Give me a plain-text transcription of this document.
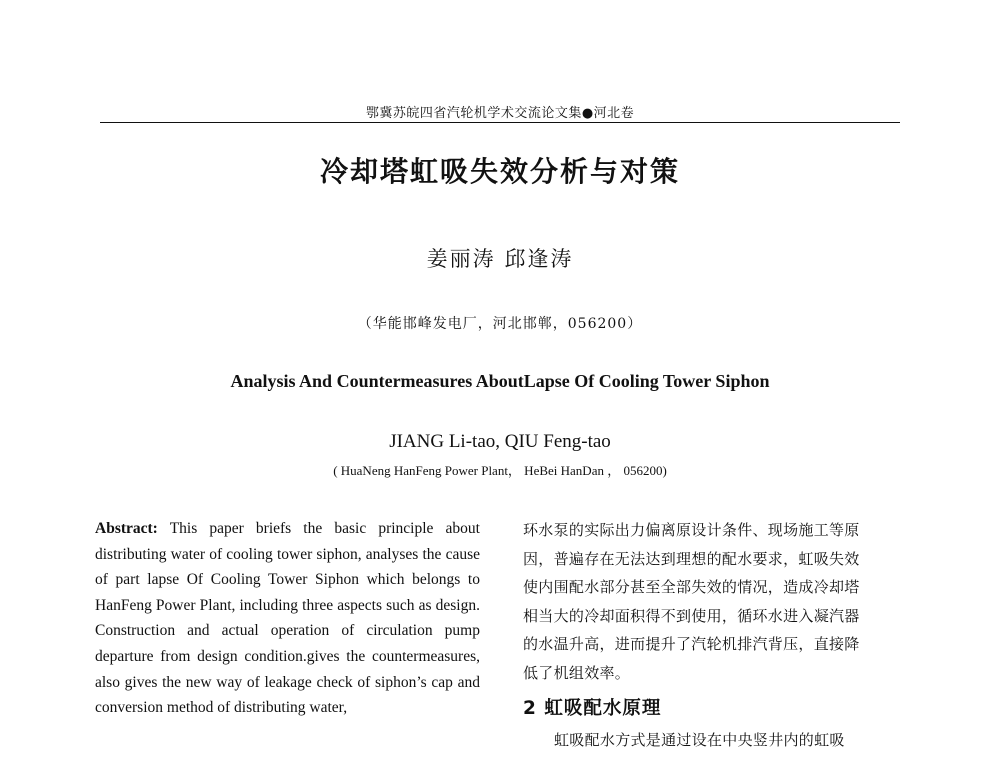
鄂冀苏皖四省汽轮机学术交流论文集●河北卷
冷却塔虹吸失效分析与对策
姜丽涛 邱逢涛
（华能邯峰发电厂，河北邯郸，056200）
Analysis And Countermeasures AboutLapse Of Cooling Tower Siphon
JIANG Li-tao, QIU Feng-tao
( HuaNeng HanFeng Power Plant， HeBei HanDan ， 056200)
Abstract: This paper briefs the basic principle about distributing water of cooling tower siphon, analyses the cause of part lapse Of Cooling Tower Siphon which belongs to HanFeng Power Plant, including three aspects such as design. Construction and actual operation of circulation pump departure from design condition.gives the countermeasures, also gives the new way of leakage check of siphon’s cap and conversion method of distributing water,
环水泵的实际出力偏离原设计条件、现场施工等原
因，普遍存在无法达到理想的配水要求，虹吸失效
使内围配水部分甚至全部失效的情况，造成冷却塔
相当大的冷却面积得不到使用，循环水进入凝汽器
的水温升高，进而提升了汽轮机排汽背压，直接降
低了机组效率。
2 虹吸配水原理
虹吸配水方式是通过设在中央竖井内的虹吸
